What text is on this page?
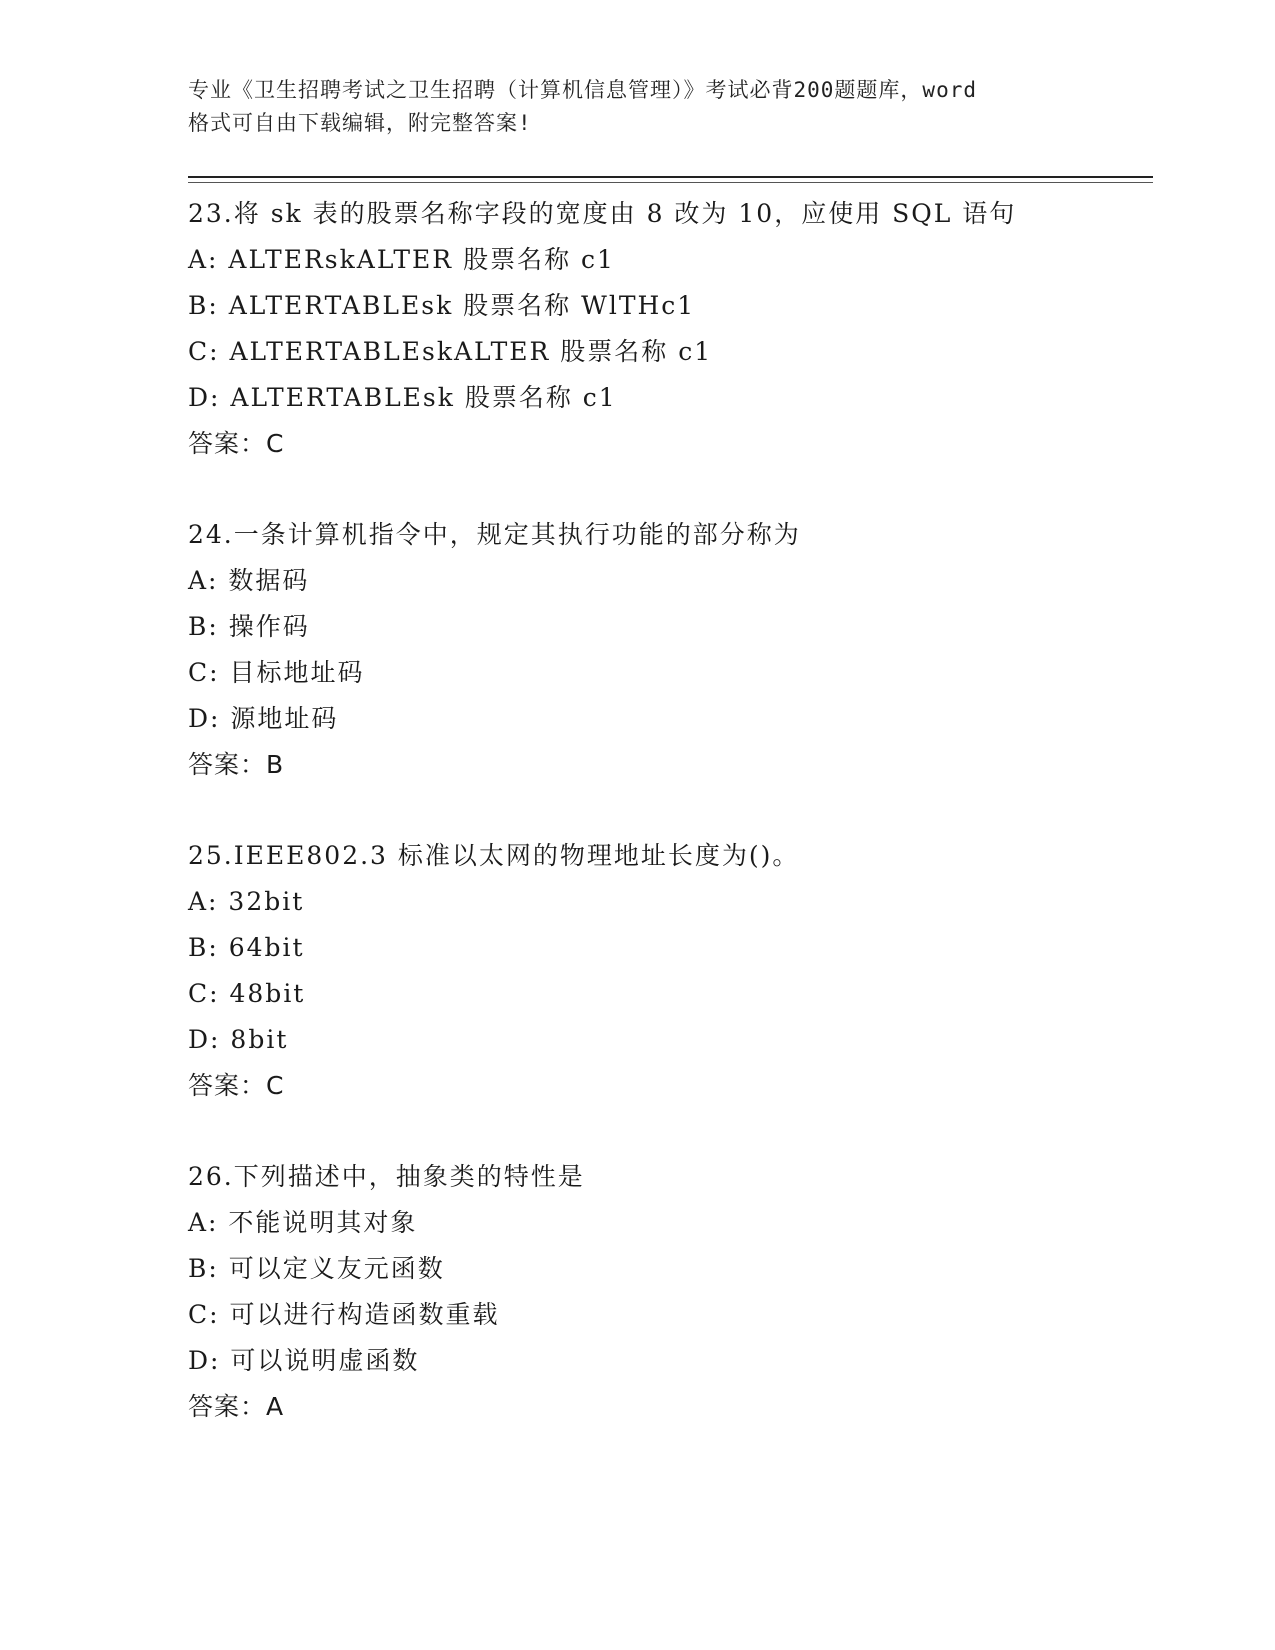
专业《卫生招聘考试之卫生招聘（计算机信息管理）》考试必背200题题库，word
格式可自由下载编辑，附完整答案!
23.将 sk 表的股票名称字段的宽度由 8 改为 10，应使用 SQL 语句
A: ALTERskALTER 股票名称 c1
B: ALTERTABLEsk 股票名称 WlTHc1
C: ALTERTABLEskALTER 股票名称 c1
D: ALTERTABLEsk 股票名称 c1
答案：C
24.一条计算机指令中，规定其执行功能的部分称为
A: 数据码
B: 操作码
C: 目标地址码
D: 源地址码
答案：B
25.IEEE802.3 标准以太网的物理地址长度为()。
A: 32bit
B: 64bit
C: 48bit
D: 8bit
答案：C
26.下列描述中，抽象类的特性是
A: 不能说明其对象
B: 可以定义友元函数
C: 可以进行构造函数重载
D: 可以说明虚函数
答案：A
